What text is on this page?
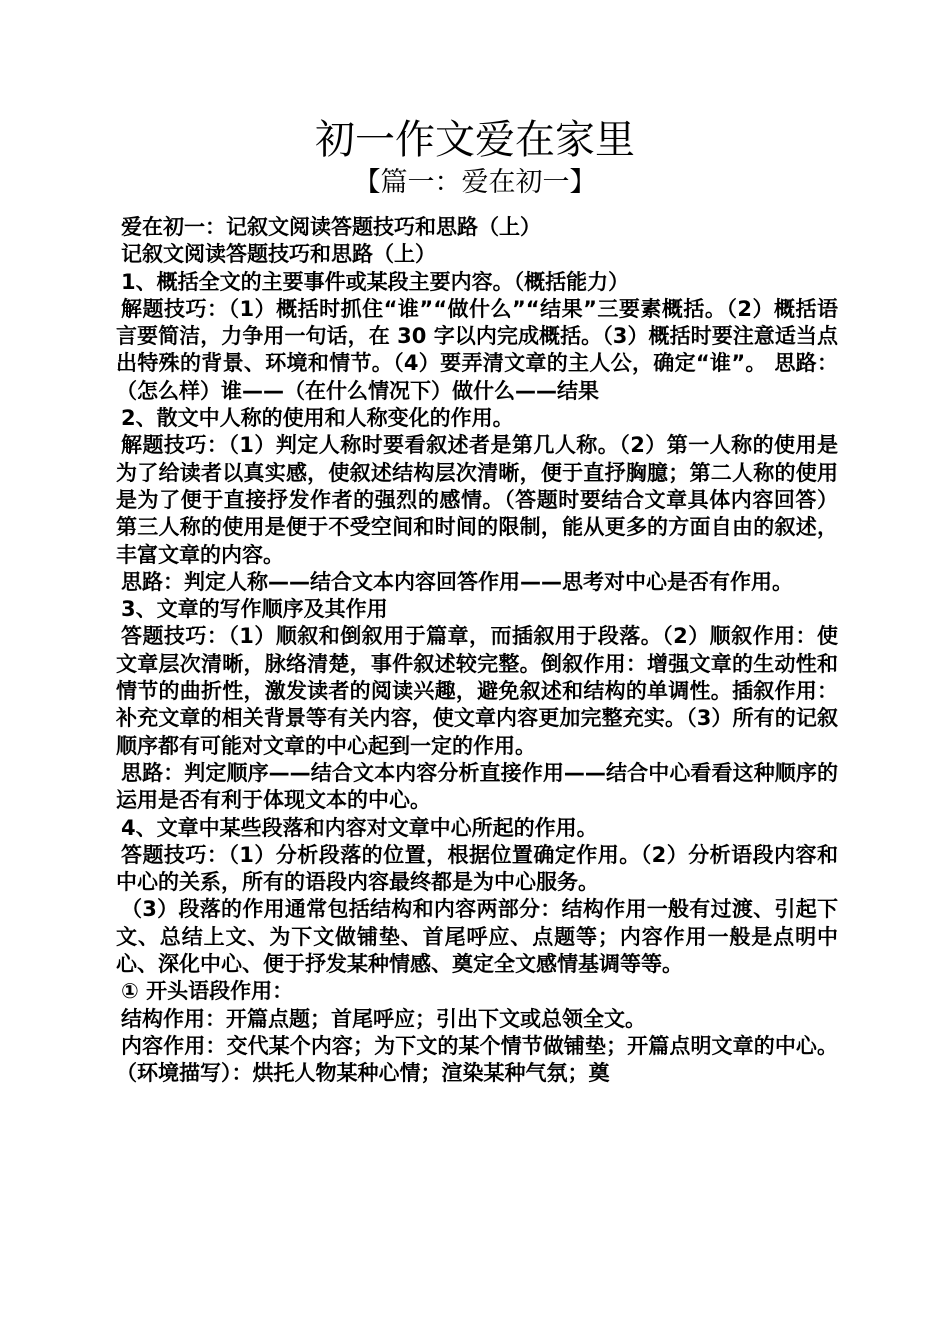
初一作文爱在家里
【篇一：爱在初一】

爱在初一：记叙文阅读答题技巧和思路（上）

记叙文阅读答题技巧和思路（上）

1、概括全文的主要事件或某段主要内容。（概括能力）

解题技巧：（1）概括时抓住“谁”“做什么”“结果”三要素概括。（2）概括语言要简洁，力争用一句话，在 30 字以内完成概括。（3）概括时要注意适当点出特殊的背景、环境和情节。（4）要弄清文章的主人公，确定“谁”。 思路：（怎么样）谁——（在什么情况下）做什么——结果

2、散文中人称的使用和人称变化的作用。

解题技巧：（1）判定人称时要看叙述者是第几人称。（2）第一人称的使用是为了给读者以真实感，使叙述结构层次清晰，便于直抒胸臆；第二人称的使用是为了便于直接抒发作者的强烈的感情。（答题时要结合文章具体内容回答）第三人称的使用是便于不受空间和时间的限制，能从更多的方面自由的叙述，丰富文章的内容。

思路：判定人称——结合文本内容回答作用——思考对中心是否有作用。

3、文章的写作顺序及其作用

答题技巧：（1）顺叙和倒叙用于篇章，而插叙用于段落。（2）顺叙作用：使文章层次清晰，脉络清楚，事件叙述较完整。倒叙作用：增强文章的生动性和情节的曲折性，激发读者的阅读兴趣，避免叙述和结构的单调性。插叙作用：补充文章的相关背景等有关内容，使文章内容更加完整充实。（3）所有的记叙顺序都有可能对文章的中心起到一定的作用。

思路：判定顺序——结合文本内容分析直接作用——结合中心看看这种顺序的运用是否有利于体现文本的中心。

4、文章中某些段落和内容对文章中心所起的作用。

答题技巧：（1）分析段落的位置，根据位置确定作用。（2）分析语段内容和中心的关系，所有的语段内容最终都是为中心服务。

（3）段落的作用通常包括结构和内容两部分：结构作用一般有过渡、引起下文、总结上文、为下文做铺垫、首尾呼应、点题等；内容作用一般是点明中心、深化中心、便于抒发某种情感、奠定全文感情基调等等。

① 开头语段作用：

结构作用：开篇点题；首尾呼应；引出下文或总领全文。

内容作用：交代某个内容；为下文的某个情节做铺垫；开篇点明文章的中心。 （环境描写）：烘托人物某种心情；渲染某种气氛；奠
